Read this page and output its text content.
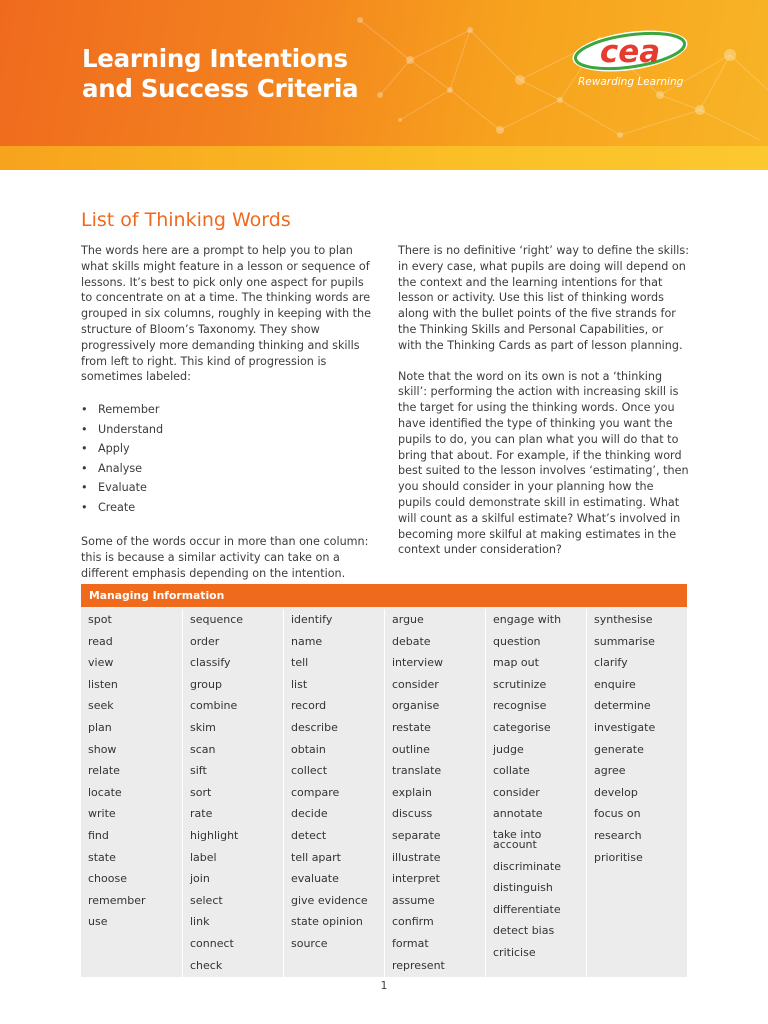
Learning Intentions
and Success Criteria
cea
Rewarding Learning
List of Thinking Words

The words here are a prompt to help you to plan what skills might feature in a lesson or sequence of lessons. It’s best to pick only one aspect for pupils to concentrate on at a time. The thinking words are grouped in six columns, roughly in keeping with the structure of Bloom’s Taxonomy. They show progressively more demanding thinking and skills from left to right. This kind of progression is sometimes labeled:

• Remember
• Understand
• Apply
• Analyse
• Evaluate
• Create

Some of the words occur in more than one column: this is because a similar activity can take on a different emphasis depending on the intention.

There is no definitive ‘right’ way to define the skills: in every case, what pupils are doing will depend on the context and the learning intentions for that lesson or activity. Use this list of thinking words along with the bullet points of the five strands for the Thinking Skills and Personal Capabilities, or with the Thinking Cards as part of lesson planning.

Note that the word on its own is not a ‘thinking skill’: performing the action with increasing skill is the target for using the thinking words. Once you have identified the type of thinking you want the pupils to do, you can plan what you will do that to bring that about. For example, if the thinking word best suited to the lesson involves ‘estimating’, then you should consider in your planning how the pupils could demonstrate skill in estimating. What will count as a skilful estimate? What’s involved in becoming more skilful at making estimates in the context under consideration?

Managing Information
spot
read
view
listen
seek
plan
show
relate
locate
write
find
state
choose
remember
use
sequence
order
classify
group
combine
skim
scan
sift
sort
rate
highlight
label
join
select
link
connect
check
identify
name
tell
list
record
describe
obtain
collect
compare
decide
detect
tell apart
evaluate
give evidence
state opinion
source
argue
debate
interview
consider
organise
restate
outline
translate
explain
discuss
separate
illustrate
interpret
assume
confirm
format
represent
engage with
question
map out
scrutinize
recognise
categorise
judge
collate
consider
annotate
take into account
discriminate
distinguish
differentiate
detect bias
criticise
synthesise
summarise
clarify
enquire
determine
investigate
generate
agree
develop
focus on
research
prioritise
1
